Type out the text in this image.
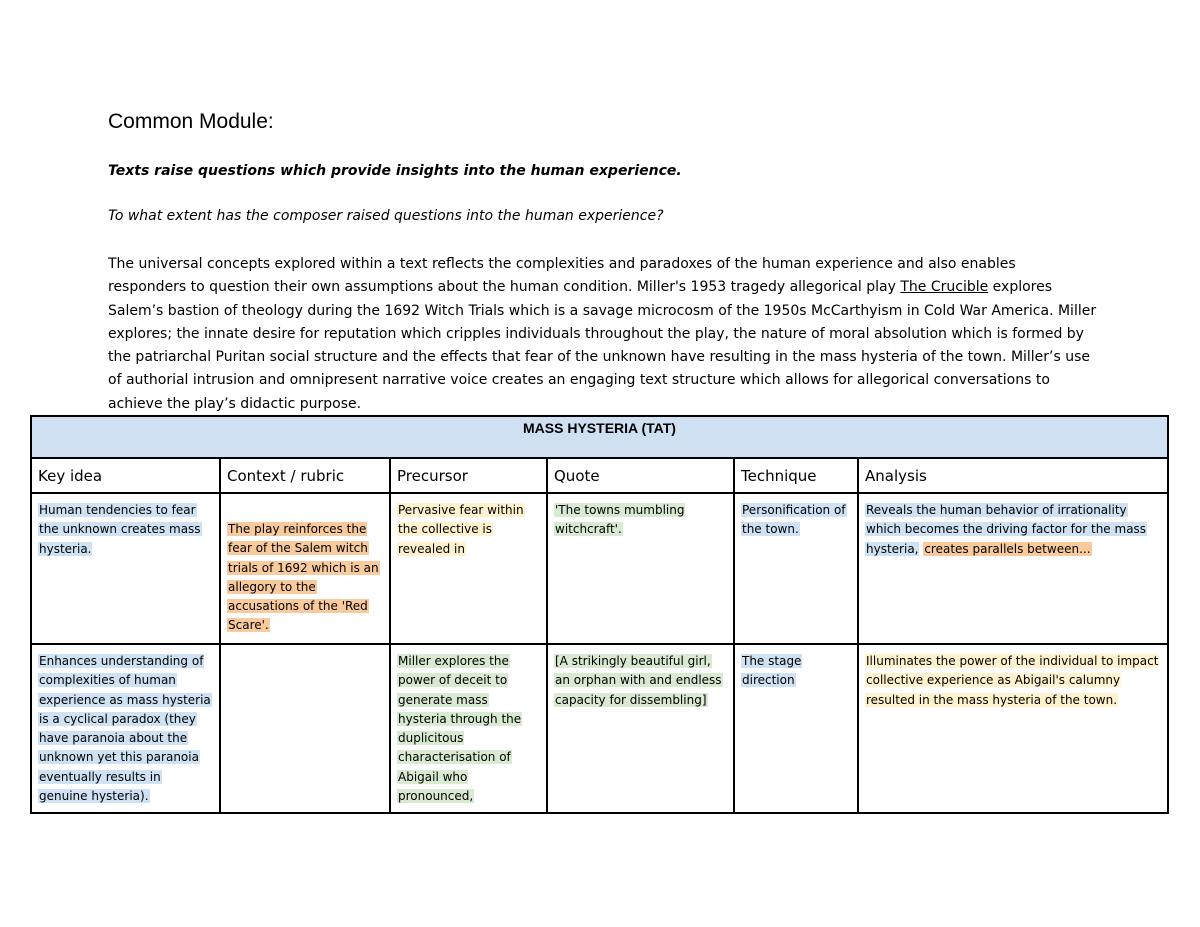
Common Module:
Texts raise questions which provide insights into the human experience.
To what extent has the composer raised questions into the human experience?

The universal concepts explored within a text reflects the complexities and paradoxes of the human experience and also enables responders to question their own assumptions about the human condition. Miller's 1953 tragedy allegorical play The Crucible explores Salem’s bastion of theology during the 1692 Witch Trials which is a savage microcosm of the 1950s McCarthyism in Cold War America. Miller explores; the innate desire for reputation which cripples individuals throughout the play, the nature of moral absolution which is formed by the patriarchal Puritan social structure and the effects that fear of the unknown have resulting in the mass hysteria of the town. Miller’s use of authorial intrusion and omnipresent narrative voice creates an engaging text structure which allows for allegorical conversations to achieve the play’s didactic purpose.

MASS HYSTERIA (TAT)					
Key idea	Context / rubric	Precursor	Quote	Technique	Analysis
Human tendencies to fear the unknown creates mass hysteria.	The play reinforces the fear of the Salem witch trials of 1692 which is an allegory to the accusations of the 'Red Scare'.	Pervasive fear within the collective is revealed in	'The towns mumbling witchcraft'.	Personification of the town.	Reveals the human behavior of irrationality which becomes the driving factor for the mass hysteria, creates parallels between...
Enhances understanding of complexities of human experience as mass hysteria is a cyclical paradox (they have paranoia about the unknown yet this paranoia eventually results in genuine hysteria).		Miller explores the power of deceit to generate mass hysteria through the duplicitous characterisation of Abigail who pronounced,	[A strikingly beautiful girl, an orphan with and endless capacity for dissembling]	The stage direction	Illuminates the power of the individual to impact collective experience as Abigail's calumny resulted in the mass hysteria of the town.
